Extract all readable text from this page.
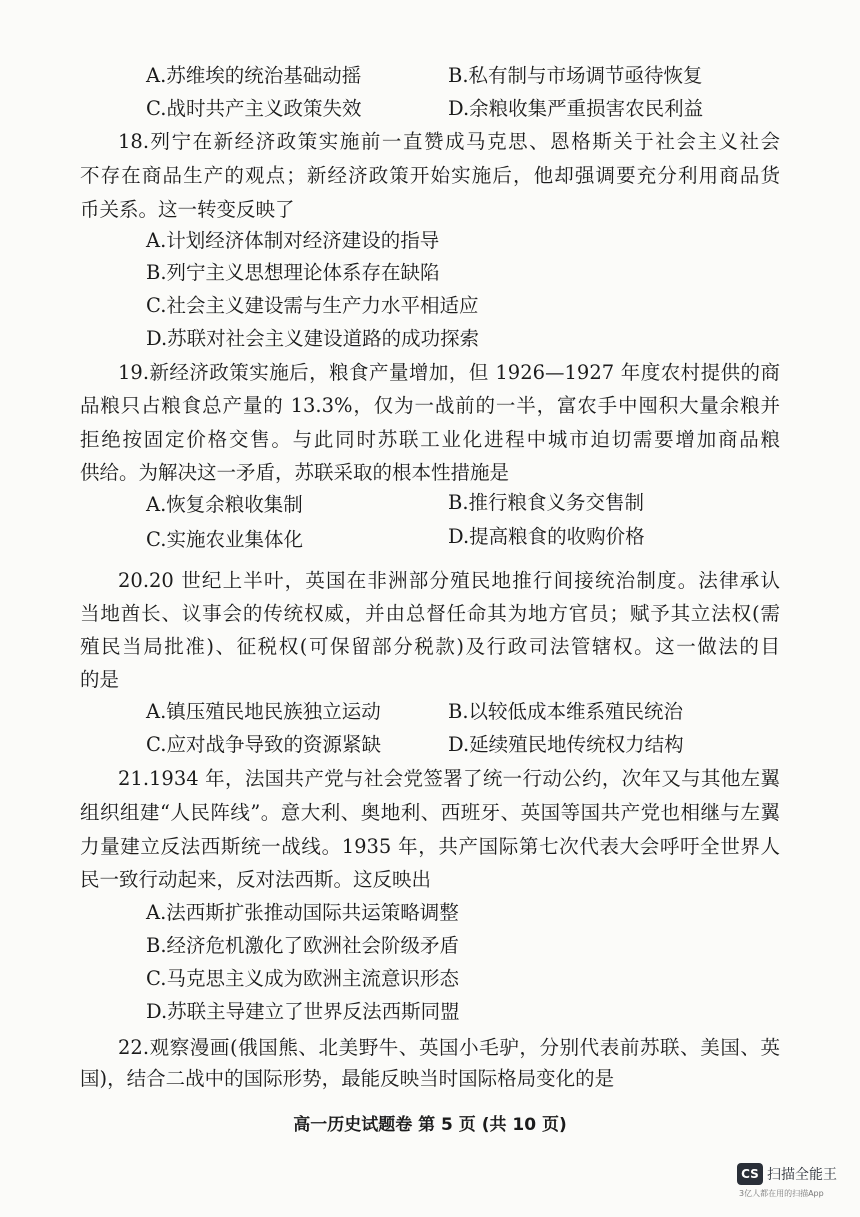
A.苏维埃的统治基础动摇	B.私有制与市场调节亟待恢复
C.战时共产主义政策失效	D.余粮收集严重损害农民利益
18.列宁在新经济政策实施前一直赞成马克思、恩格斯关于社会主义社会
不存在商品生产的观点；新经济政策开始实施后，他却强调要充分利用商品货
币关系。这一转变反映了
A.计划经济体制对经济建设的指导
B.列宁主义思想理论体系存在缺陷
C.社会主义建设需与生产力水平相适应
D.苏联对社会主义建设道路的成功探索
19.新经济政策实施后，粮食产量增加，但 1926—1927 年度农村提供的商
品粮只占粮食总产量的 13.3%，仅为一战前的一半，富农手中囤积大量余粮并
拒绝按固定价格交售。与此同时苏联工业化进程中城市迫切需要增加商品粮
供给。为解决这一矛盾，苏联采取的根本性措施是
A.恢复余粮收集制	B.推行粮食义务交售制
C.实施农业集体化	D.提高粮食的收购价格
20.20 世纪上半叶，英国在非洲部分殖民地推行间接统治制度。法律承认
当地酋长、议事会的传统权威，并由总督任命其为地方官员；赋予其立法权(需
殖民当局批准)、征税权(可保留部分税款)及行政司法管辖权。这一做法的目
的是
A.镇压殖民地民族独立运动	B.以较低成本维系殖民统治
C.应对战争导致的资源紧缺	D.延续殖民地传统权力结构
21.1934 年，法国共产党与社会党签署了统一行动公约，次年又与其他左翼
组织组建“人民阵线”。意大利、奥地利、西班牙、英国等国共产党也相继与左翼
力量建立反法西斯统一战线。1935 年，共产国际第七次代表大会呼吁全世界人
民一致行动起来，反对法西斯。这反映出
A.法西斯扩张推动国际共运策略调整
B.经济危机激化了欧洲社会阶级矛盾
C.马克思主义成为欧洲主流意识形态
D.苏联主导建立了世界反法西斯同盟
22.观察漫画(俄国熊、北美野牛、英国小毛驴，分别代表前苏联、美国、英
国)，结合二战中的国际形势，最能反映当时国际格局变化的是
高一历史试题卷 第 5 页 (共 10 页)
CS 扫描全能王
3亿人都在用的扫描App
